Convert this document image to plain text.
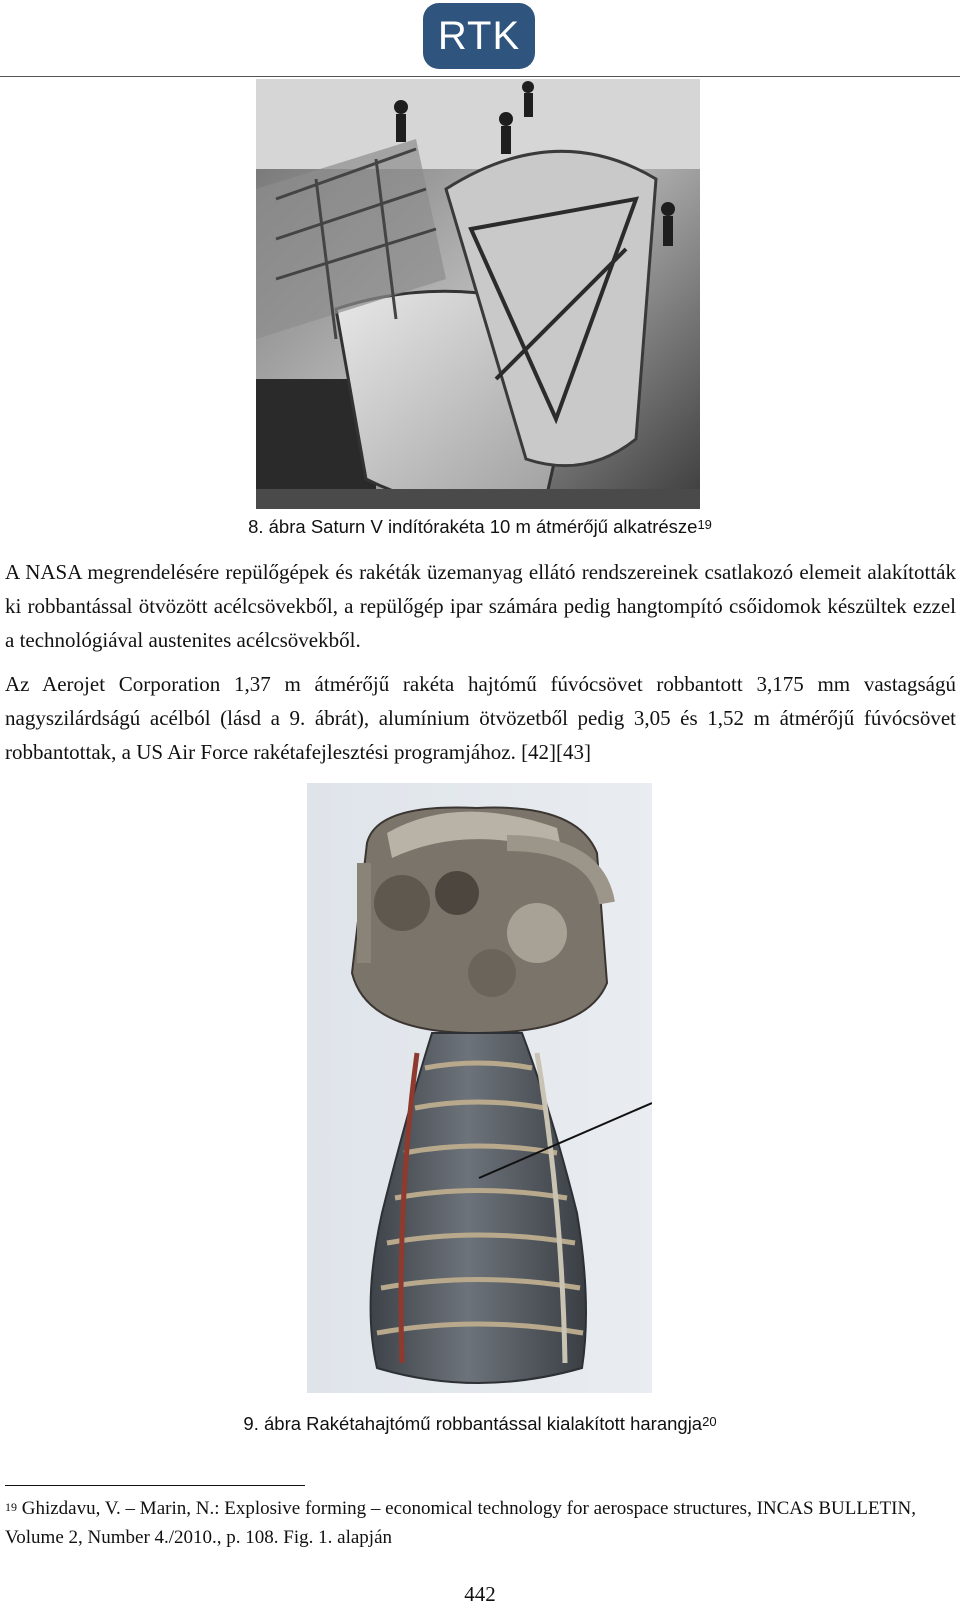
RTK
8. ábra Saturn V indítórakéta 10 m átmérőjű alkatrésze$^{19}$

A NASA megrendelésére repülőgépek és rakéták üzemanyag ellátó rendszereinek csatlakozó elemeit alakították ki robbantással ötvözött acélcsövekből, a repülőgép ipar számára pedig hangtompító csőidomok készültek ezzel a technológiával austenites acélcsövekből.

Az Aerojet Corporation 1,37 m átmérőjű rakéta hajtómű fúvócsövet robbantott 3,175 mm vastagságú nagyszilárdságú acélból (lásd a 9. ábrát), alumínium ötvözetből pedig 3,05 és 1,52 m átmérőjű fúvócsövet robbantottak, a US Air Force rakétafejlesztési programjához. [42][43]

9. ábra Rakétahajtómű robbantással kialakított harangja$^{20}$

$^{19}$ Ghizdavu, V. – Marin, N.: Explosive forming – economical technology for aerospace structures, INCAS BULLETIN, Volume 2, Number 4./2010., p. 108. Fig. 1. alapján

442
